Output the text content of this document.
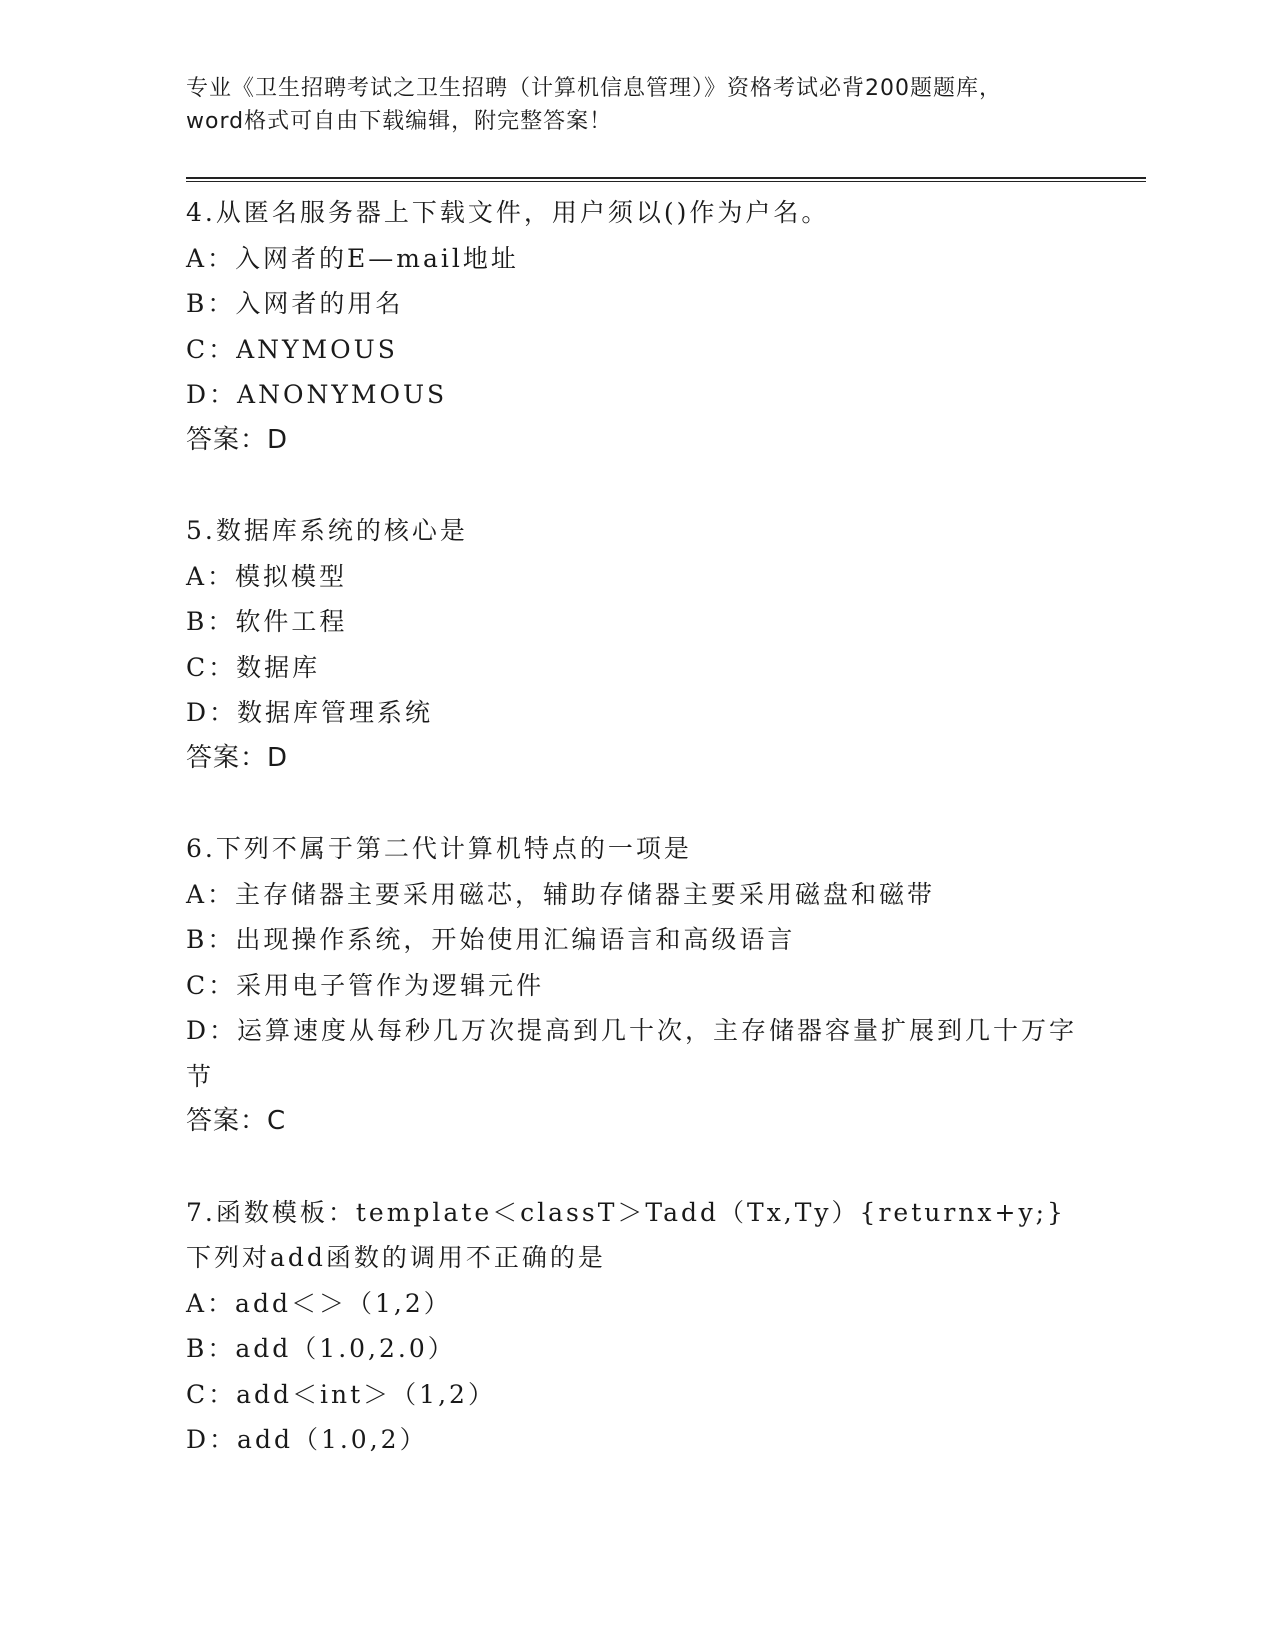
专业《卫生招聘考试之卫生招聘（计算机信息管理）》资格考试必背200题题库，
word格式可自由下载编辑，附完整答案！
4.从匿名服务器上下载文件，用户须以()作为户名。
A：入网者的E—mail地址
B：入网者的用名
C：ANYMOUS
D：ANONYMOUS
答案：D
5.数据库系统的核心是
A：模拟模型
B：软件工程
C：数据库
D：数据库管理系统
答案：D
6.下列不属于第二代计算机特点的一项是
A：主存储器主要采用磁芯，辅助存储器主要采用磁盘和磁带
B：出现操作系统，开始使用汇编语言和高级语言
C：采用电子管作为逻辑元件
D：运算速度从每秒几万次提高到几十次，主存储器容量扩展到几十万字节
答案：C
7.函数模板：template＜classT＞Tadd（Tx,Ty）{returnx+y;}下列对add函数的调用不正确的是
A：add＜＞（1,2）
B：add（1.0,2.0）
C：add＜int＞（1,2）
D：add（1.0,2）
